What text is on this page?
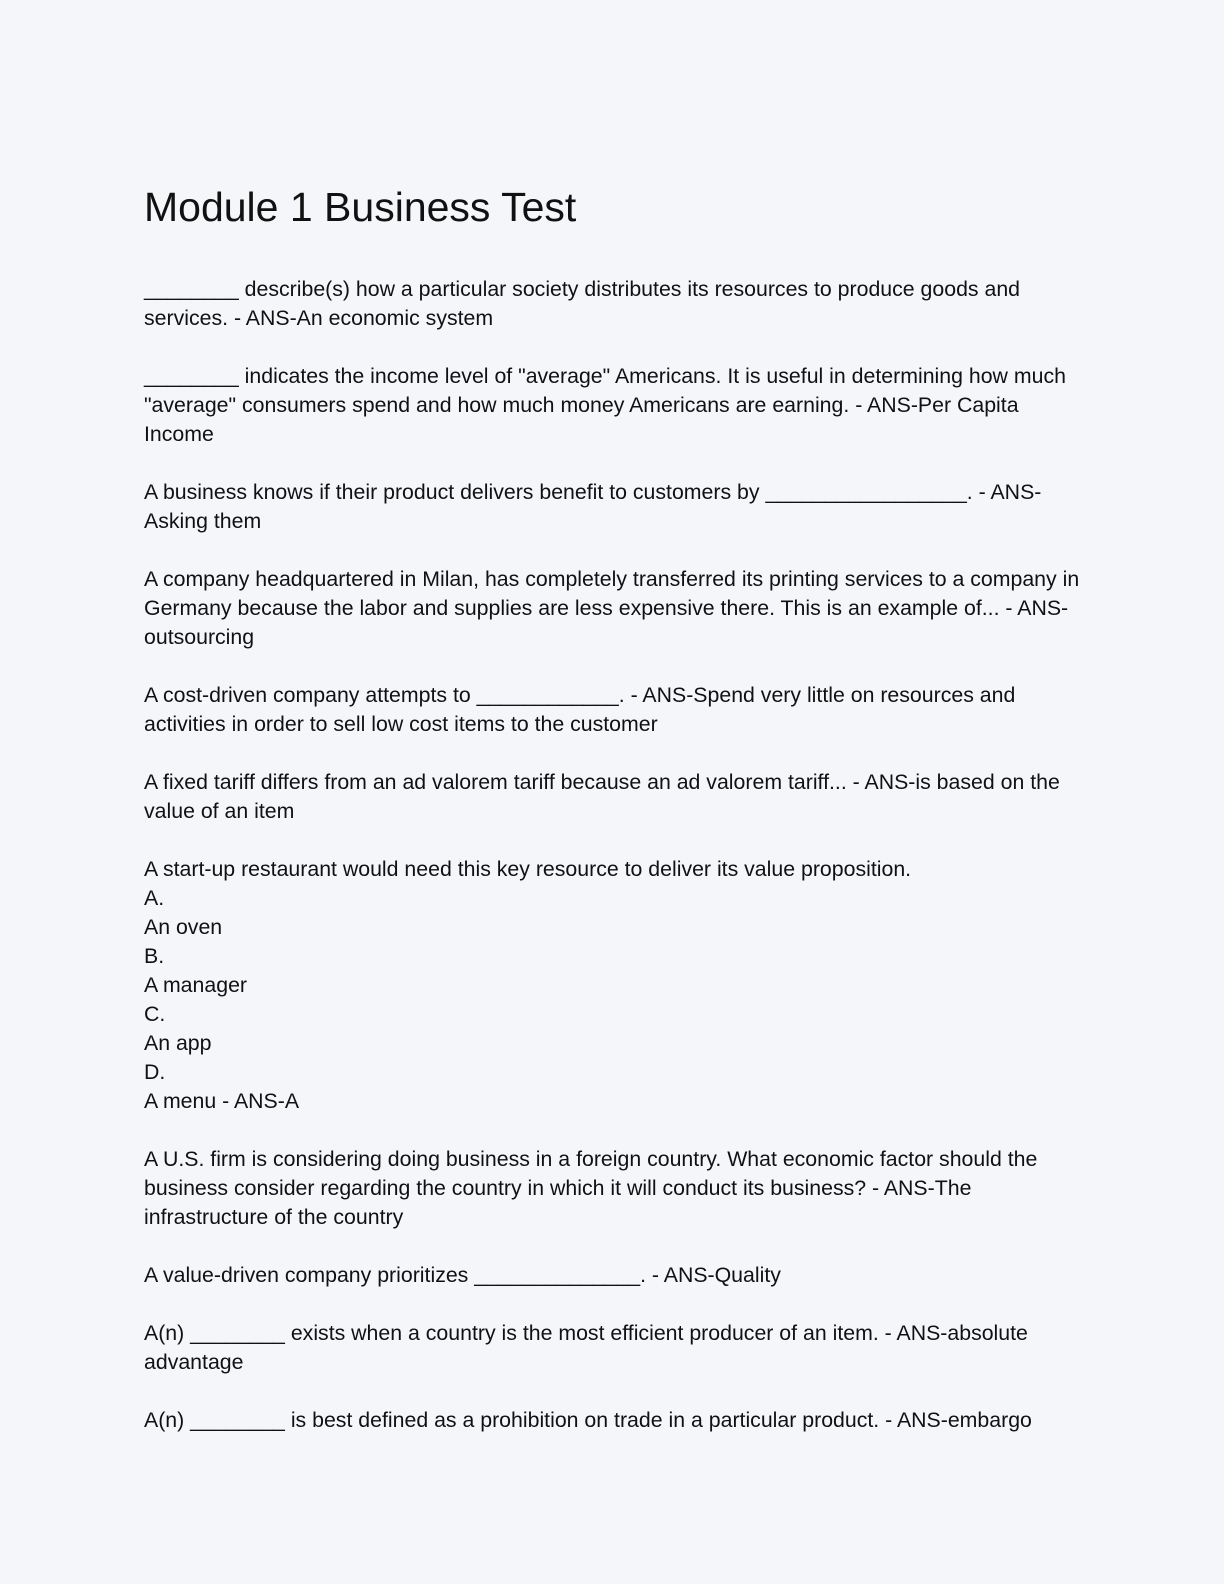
Module 1 Business Test

________ describe(s) how a particular society distributes its resources to produce goods and services. - ANS-An economic system

________ indicates the income level of "average" Americans. It is useful in determining how much "average" consumers spend and how much money Americans are earning. - ANS-Per Capita Income

A business knows if their product delivers benefit to customers by _________________. - ANS-Asking them

A company headquartered in Milan, has completely transferred its printing services to a company in Germany because the labor and supplies are less expensive there. This is an example of... - ANS-outsourcing

A cost-driven company attempts to ____________. - ANS-Spend very little on resources and activities in order to sell low cost items to the customer

A fixed tariff differs from an ad valorem tariff because an ad valorem tariff... - ANS-is based on the value of an item

A start-up restaurant would need this key resource to deliver its value proposition.
A.
An oven
B.
A manager
C.
An app
D.
A menu - ANS-A

A U.S. firm is considering doing business in a foreign country. What economic factor should the business consider regarding the country in which it will conduct its business? - ANS-The infrastructure of the country

A value-driven company prioritizes ______________. - ANS-Quality

A(n) ________ exists when a country is the most efficient producer of an item. - ANS-absolute advantage

A(n) ________ is best defined as a prohibition on trade in a particular product. - ANS-embargo
